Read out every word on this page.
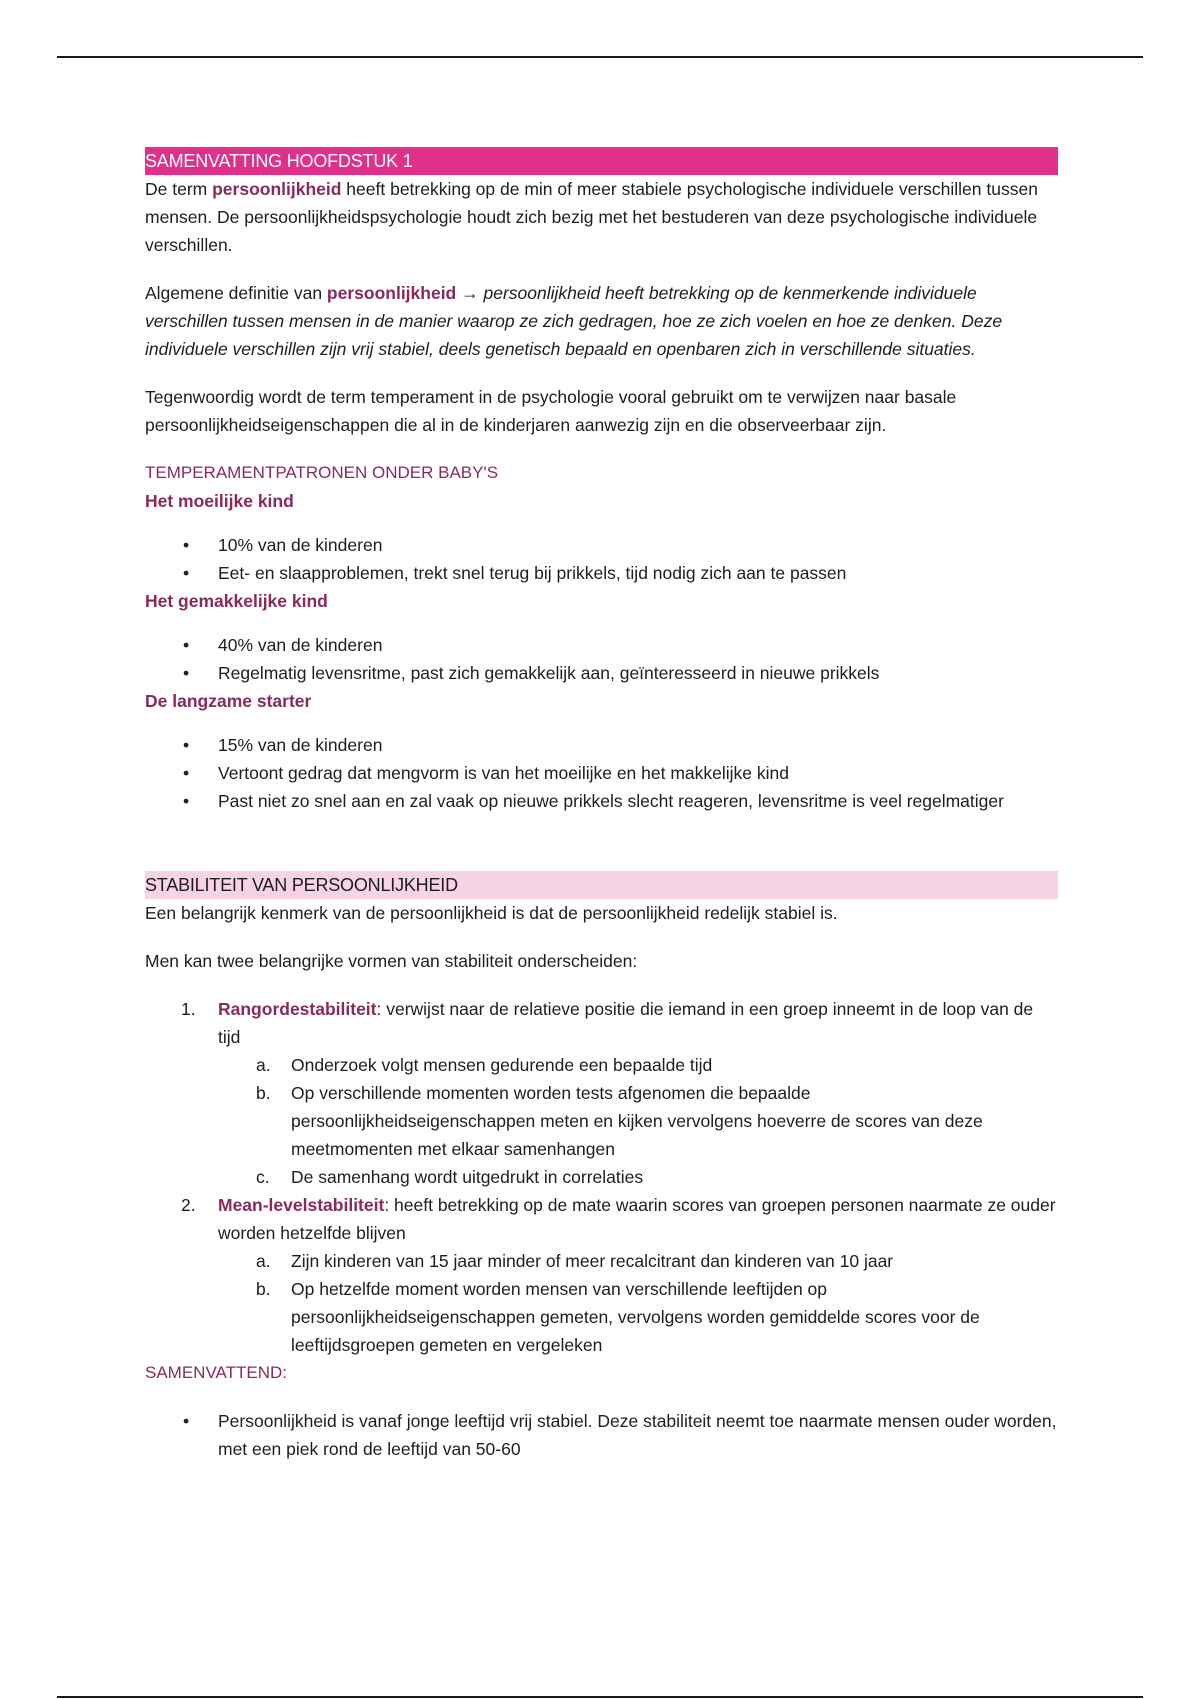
SAMENVATTING HOOFDSTUK 1

De term persoonlijkheid heeft betrekking op de min of meer stabiele psychologische individuele verschillen tussen mensen. De persoonlijkheidspsychologie houdt zich bezig met het bestuderen van deze psychologische individuele verschillen.

Algemene definitie van persoonlijkheid → persoonlijkheid heeft betrekking op de kenmerkende individuele verschillen tussen mensen in de manier waarop ze zich gedragen, hoe ze zich voelen en hoe ze denken. Deze individuele verschillen zijn vrij stabiel, deels genetisch bepaald en openbaren zich in verschillende situaties.

Tegenwoordig wordt de term temperament in de psychologie vooral gebruikt om te verwijzen naar basale persoonlijkheidseigenschappen die al in de kinderjaren aanwezig zijn en die observeerbaar zijn.

TEMPERAMENTPATRONEN ONDER BABY'S
Het moeilijke kind
• 10% van de kinderen
• Eet- en slaapproblemen, trekt snel terug bij prikkels, tijd nodig zich aan te passen
Het gemakkelijke kind
• 40% van de kinderen
• Regelmatig levensritme, past zich gemakkelijk aan, geïnteresseerd in nieuwe prikkels
De langzame starter
• 15% van de kinderen
• Vertoont gedrag dat mengvorm is van het moeilijke en het makkelijke kind
• Past niet zo snel aan en zal vaak op nieuwe prikkels slecht reageren, levensritme is veel regelmatiger
STABILITEIT VAN PERSOONLIJKHEID

Een belangrijk kenmerk van de persoonlijkheid is dat de persoonlijkheid redelijk stabiel is.

Men kan twee belangrijke vormen van stabiliteit onderscheiden:

1. Rangordestabiliteit: verwijst naar de relatieve positie die iemand in een groep inneemt in de loop van de tijd
a. Onderzoek volgt mensen gedurende een bepaalde tijd
b. Op verschillende momenten worden tests afgenomen die bepaalde persoonlijkheidseigenschappen meten en kijken vervolgens hoeverre de scores van deze meetmomenten met elkaar samenhangen
c. De samenhang wordt uitgedrukt in correlaties
2. Mean-levelstabiliteit: heeft betrekking op de mate waarin scores van groepen personen naarmate ze ouder worden hetzelfde blijven
a. Zijn kinderen van 15 jaar minder of meer recalcitrant dan kinderen van 10 jaar
b. Op hetzelfde moment worden mensen van verschillende leeftijden op persoonlijkheidseigenschappen gemeten, vervolgens worden gemiddelde scores voor de leeftijdsgroepen gemeten en vergeleken
SAMENVATTEND:
• Persoonlijkheid is vanaf jonge leeftijd vrij stabiel. Deze stabiliteit neemt toe naarmate mensen ouder worden, met een piek rond de leeftijd van 50-60
